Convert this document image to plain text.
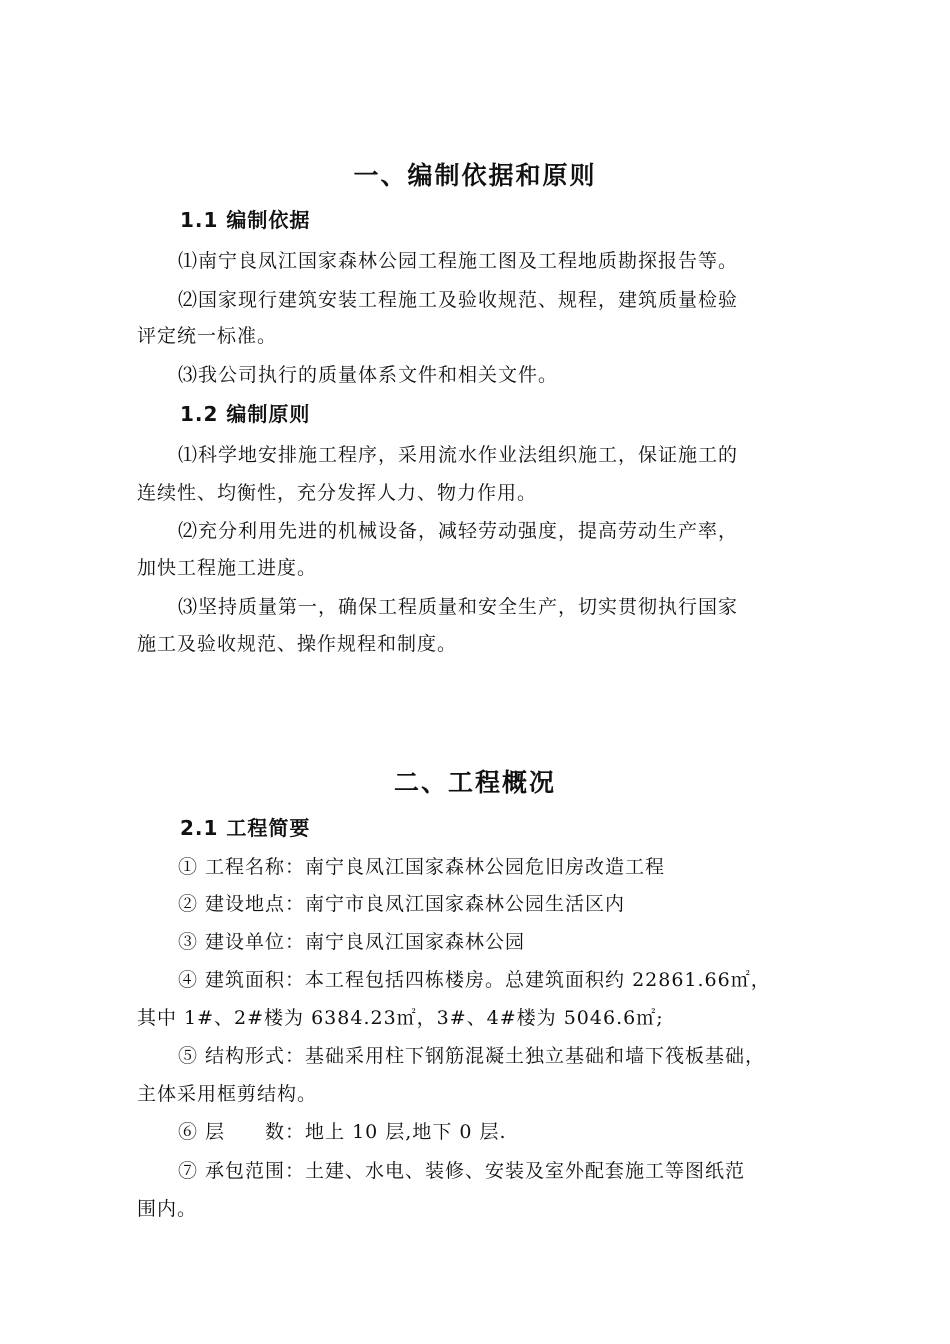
一、编制依据和原则
1.1 编制依据
⑴南宁良凤江国家森林公园工程施工图及工程地质勘探报告等。
⑵国家现行建筑安装工程施工及验收规范、规程，建筑质量检验
评定统一标准。
⑶我公司执行的质量体系文件和相关文件。
1.2 编制原则
⑴科学地安排施工程序，采用流水作业法组织施工，保证施工的
连续性、均衡性，充分发挥人力、物力作用。
⑵充分利用先进的机械设备，减轻劳动强度，提高劳动生产率，
加快工程施工进度。
⑶坚持质量第一，确保工程质量和安全生产，切实贯彻执行国家
施工及验收规范、操作规程和制度。
二、工程概况
2.1 工程简要
① 工程名称：南宁良凤江国家森林公园危旧房改造工程
② 建设地点：南宁市良凤江国家森林公园生活区内
③ 建设单位：南宁良凤江国家森林公园
④ 建筑面积：本工程包括四栋楼房。总建筑面积约 22861.66㎡，
其中 1#、2#楼为 6384.23㎡，3#、4#楼为 5046.6㎡;
⑤ 结构形式：基础采用柱下钢筋混凝土独立基础和墙下筏板基础，
主体采用框剪结构。
⑥ 层　　数：地上 10 层,地下 0 层.
⑦ 承包范围：土建、水电、装修、安装及室外配套施工等图纸范
围内。
